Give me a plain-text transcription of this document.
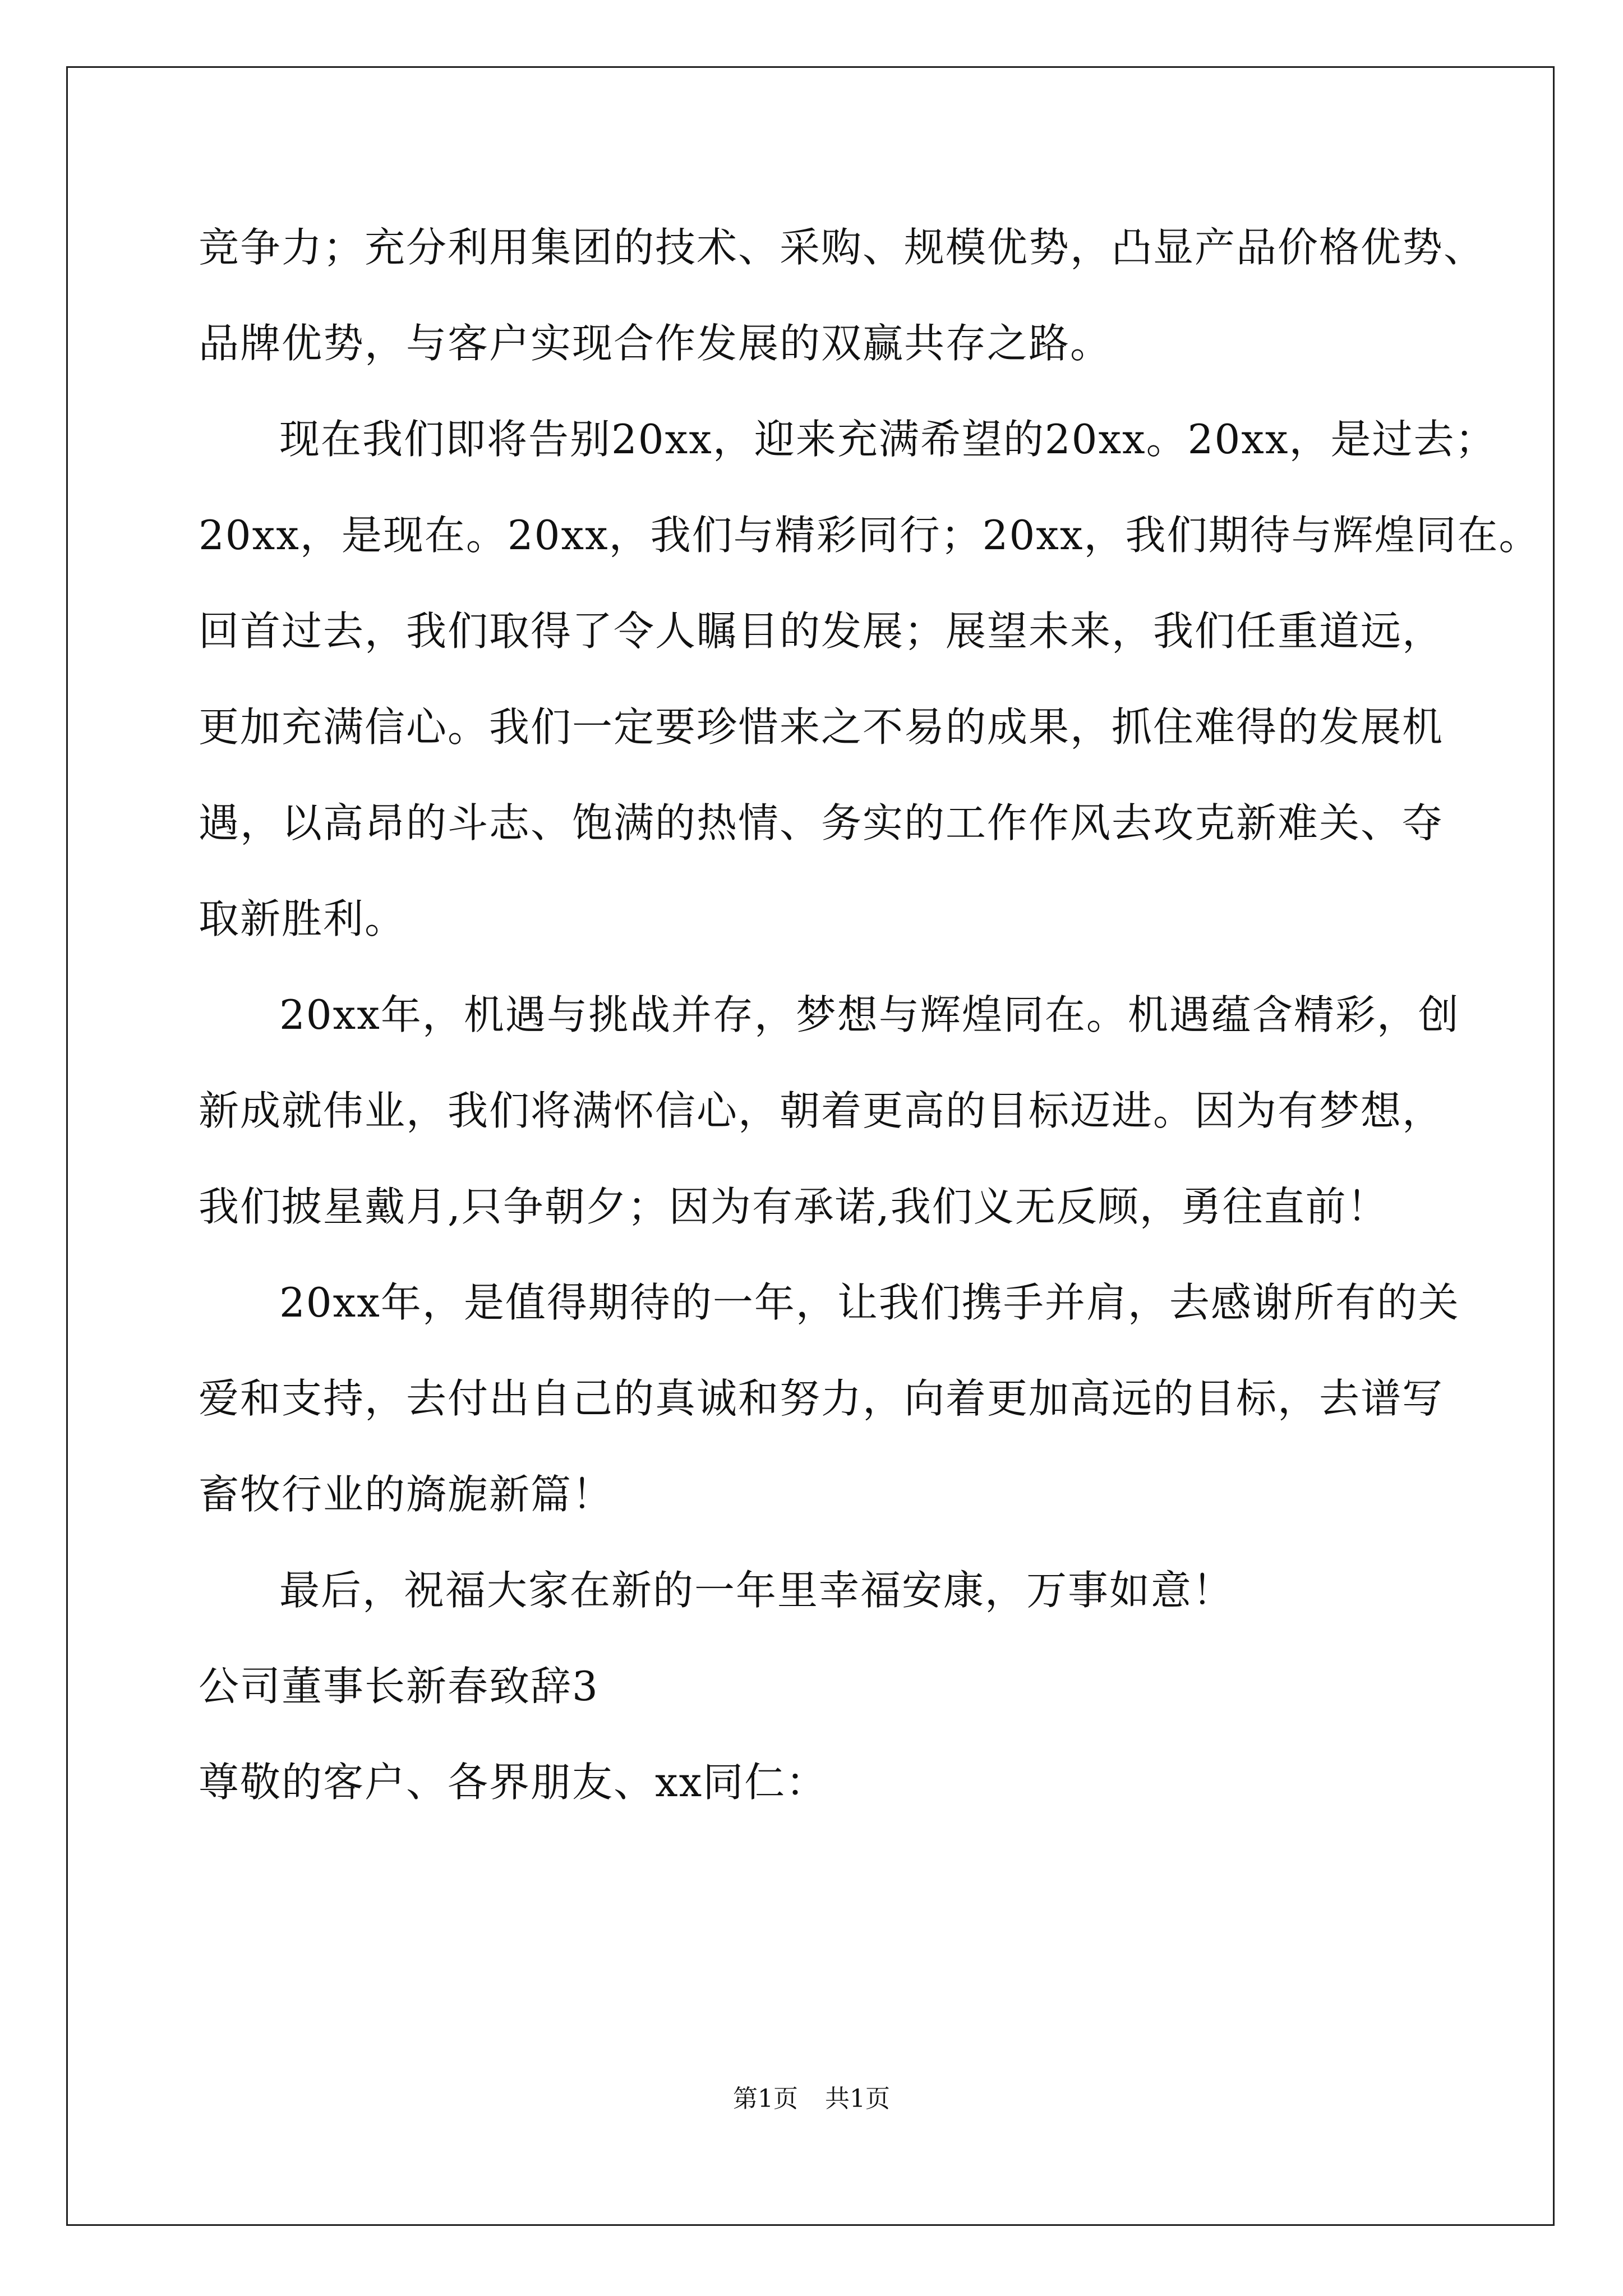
竞争力；充分利用集团的技术、采购、规模优势，凸显产品价格优势、
品牌优势，与客户实现合作发展的双赢共存之路。
现在我们即将告别20xx，迎来充满希望的20xx。20xx，是过去；
20xx，是现在。20xx，我们与精彩同行；20xx，我们期待与辉煌同在。
回首过去，我们取得了令人瞩目的发展；展望未来，我们任重道远，
更加充满信心。我们一定要珍惜来之不易的成果，抓住难得的发展机
遇，以高昂的斗志、饱满的热情、务实的工作作风去攻克新难关、夺
取新胜利。
20xx年，机遇与挑战并存，梦想与辉煌同在。机遇蕴含精彩，创
新成就伟业，我们将满怀信心，朝着更高的目标迈进。因为有梦想，
我们披星戴月,只争朝夕；因为有承诺,我们义无反顾，勇往直前！
20xx年，是值得期待的一年，让我们携手并肩，去感谢所有的关
爱和支持，去付出自己的真诚和努力，向着更加高远的目标，去谱写
畜牧行业的旖旎新篇！
最后，祝福大家在新的一年里幸福安康，万事如意！
公司董事长新春致辞3
尊敬的客户、各界朋友、xx同仁：
第1页 共1页
